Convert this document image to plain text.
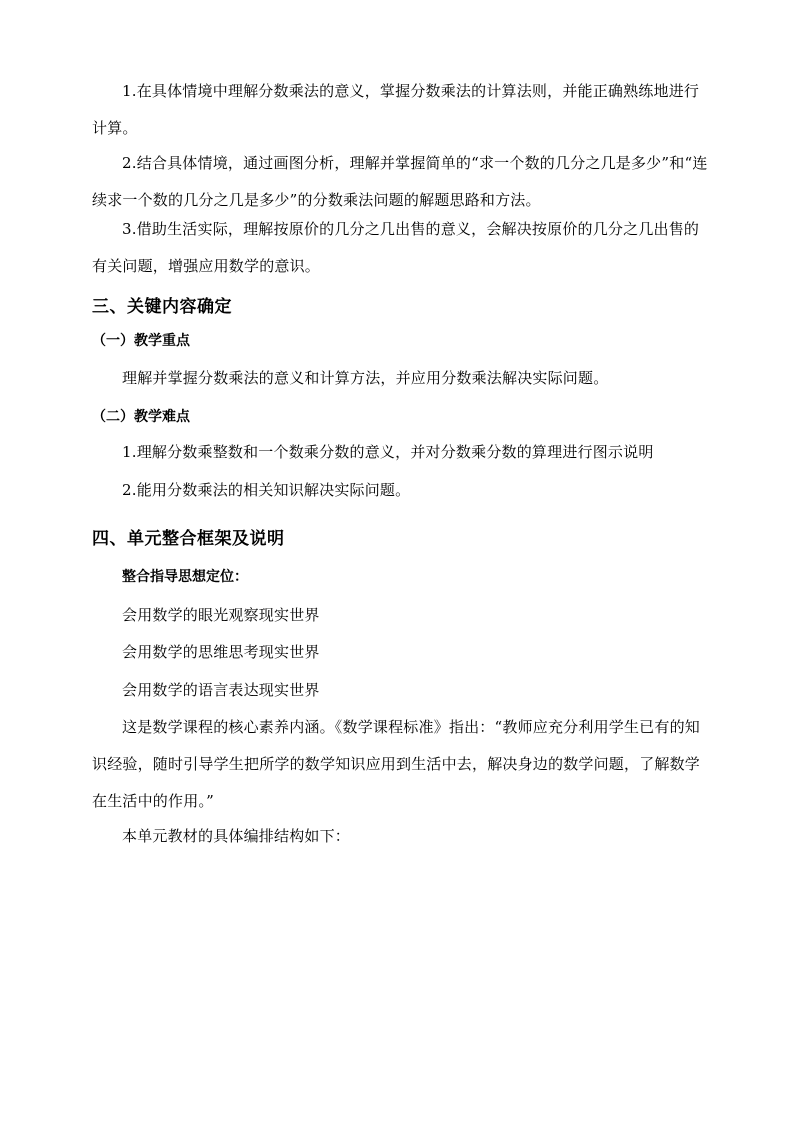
1.在具体情境中理解分数乘法的意义，掌握分数乘法的计算法则，并能正确熟练地进行计算。

2.结合具体情境，通过画图分析，理解并掌握简单的“求一个数的几分之几是多少”和“连续求一个数的几分之几是多少”的分数乘法问题的解题思路和方法。

3.借助生活实际，理解按原价的几分之几出售的意义，会解决按原价的几分之几出售的有关问题，增强应用数学的意识。

三、关键内容确定
（一）教学重点

理解并掌握分数乘法的意义和计算方法，并应用分数乘法解决实际问题。

（二）教学难点

1.理解分数乘整数和一个数乘分数的意义，并对分数乘分数的算理进行图示说明

2.能用分数乘法的相关知识解决实际问题。

四、单元整合框架及说明
整合指导思想定位：

会用数学的眼光观察现实世界

会用数学的思维思考现实世界

会用数学的语言表达现实世界

这是数学课程的核心素养内涵。《数学课程标准》指出：“教师应充分利用学生已有的知识经验，随时引导学生把所学的数学知识应用到生活中去，解决身边的数学问题，了解数学在生活中的作用。”

本单元教材的具体编排结构如下：
